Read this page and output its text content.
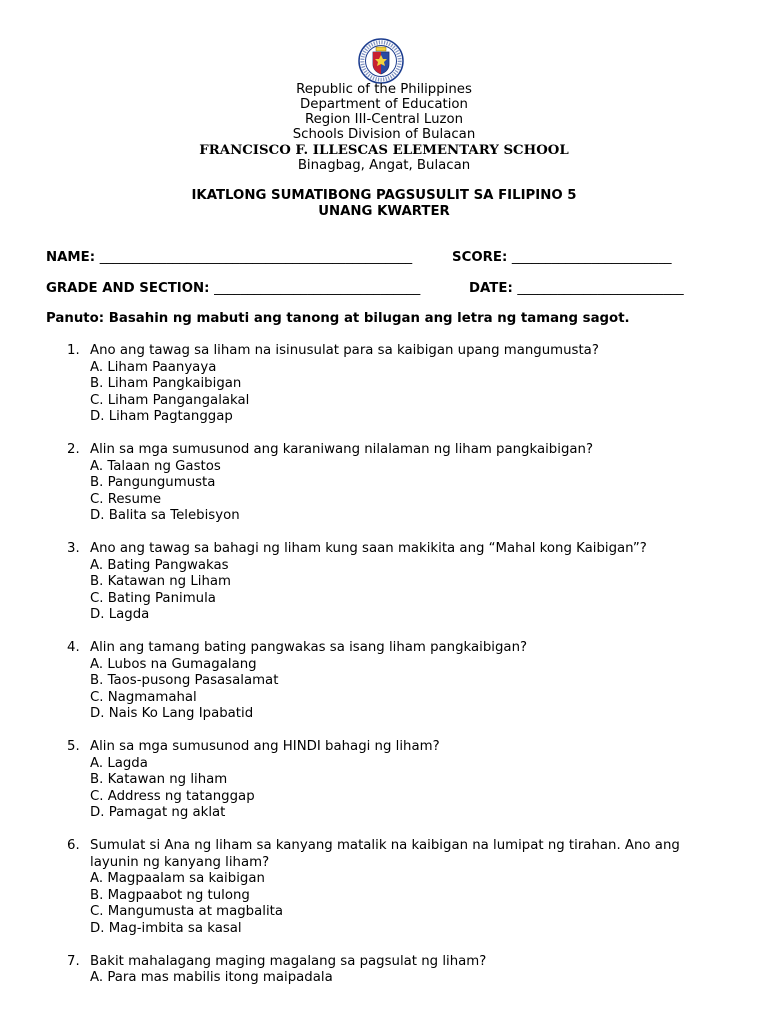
Republic of the Philippines
Department of Education
Region III-Central Luzon
Schools Division of Bulacan
FRANCISCO F. ILLESCAS ELEMENTARY SCHOOL
Binagbag, Angat, Bulacan
IKATLONG SUMATIBONG PAGSUSULIT SA FILIPINO 5
UNANG KWARTER
NAME: _______________________________________________	SCORE: ________________________
GRADE AND SECTION: _______________________________	DATE: _________________________
Panuto: Basahin ng mabuti ang tanong at bilugan ang letra ng tamang sagot.
1. Ano ang tawag sa liham na isinusulat para sa kaibigan upang mangumusta?
A. Liham Paanyaya
B. Liham Pangkaibigan
C. Liham Pangangalakal
D. Liham Pagtanggap
2. Alin sa mga sumusunod ang karaniwang nilalaman ng liham pangkaibigan?
A. Talaan ng Gastos
B. Pangungumusta
C. Resume
D. Balita sa Telebisyon
3. Ano ang tawag sa bahagi ng liham kung saan makikita ang “Mahal kong Kaibigan”?
A. Bating Pangwakas
B. Katawan ng Liham
C. Bating Panimula
D. Lagda
4. Alin ang tamang bating pangwakas sa isang liham pangkaibigan?
A. Lubos na Gumagalang
B. Taos-pusong Pasasalamat
C. Nagmamahal
D. Nais Ko Lang Ipabatid
5. Alin sa mga sumusunod ang HINDI bahagi ng liham?
A. Lagda
B. Katawan ng liham
C. Address ng tatanggap
D. Pamagat ng aklat
6. Sumulat si Ana ng liham sa kanyang matalik na kaibigan na lumipat ng tirahan. Ano ang layunin ng kanyang liham?
A. Magpaalam sa kaibigan
B. Magpaabot ng tulong
C. Mangumusta at magbalita
D. Mag-imbita sa kasal
7. Bakit mahalagang maging magalang sa pagsulat ng liham?
A. Para mas mabilis itong maipadala
